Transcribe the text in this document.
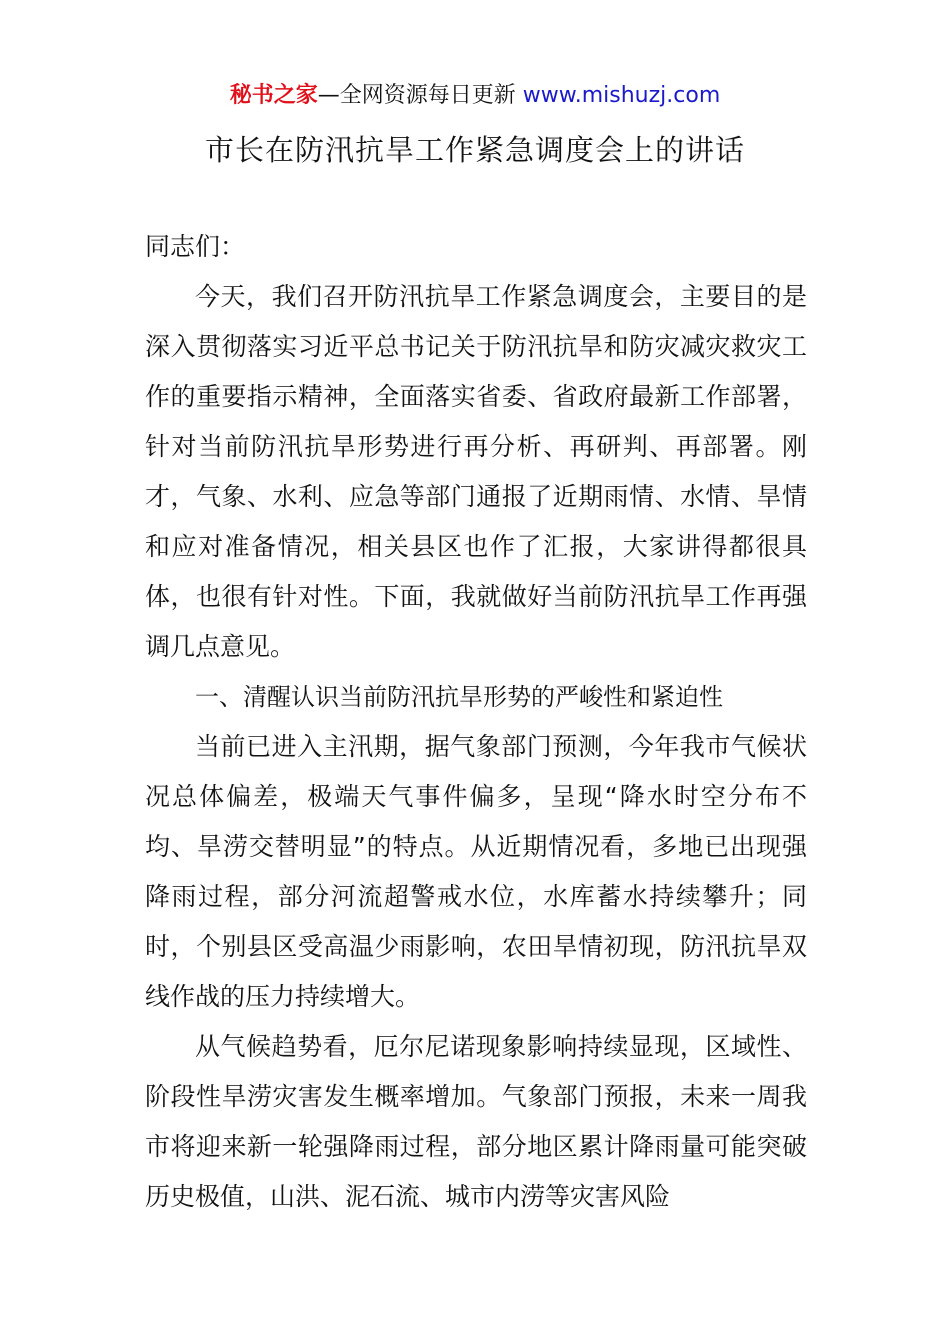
秘书之家—全网资源每日更新 www.mishuzj.com
市长在防汛抗旱工作紧急调度会上的讲话

同志们：

今天，我们召开防汛抗旱工作紧急调度会，主要目的是深入贯彻落实习近平总书记关于防汛抗旱和防灾减灾救灾工作的重要指示精神，全面落实省委、省政府最新工作部署，针对当前防汛抗旱形势进行再分析、再研判、再部署。刚才，气象、水利、应急等部门通报了近期雨情、水情、旱情和应对准备情况，相关县区也作了汇报，大家讲得都很具体，也很有针对性。下面，我就做好当前防汛抗旱工作再强调几点意见。

一、清醒认识当前防汛抗旱形势的严峻性和紧迫性

当前已进入主汛期，据气象部门预测，今年我市气候状况总体偏差，极端天气事件偏多，呈现“降水时空分布不均、旱涝交替明显”的特点。从近期情况看，多地已出现强降雨过程，部分河流超警戒水位，水库蓄水持续攀升；同时，个别县区受高温少雨影响，农田旱情初现，防汛抗旱双线作战的压力持续增大。

从气候趋势看，厄尔尼诺现象影响持续显现，区域性、阶段性旱涝灾害发生概率增加。气象部门预报，未来一周我市将迎来新一轮强降雨过程，部分地区累计降雨量可能突破历史极值，山洪、泥石流、城市内涝等灾害风险
